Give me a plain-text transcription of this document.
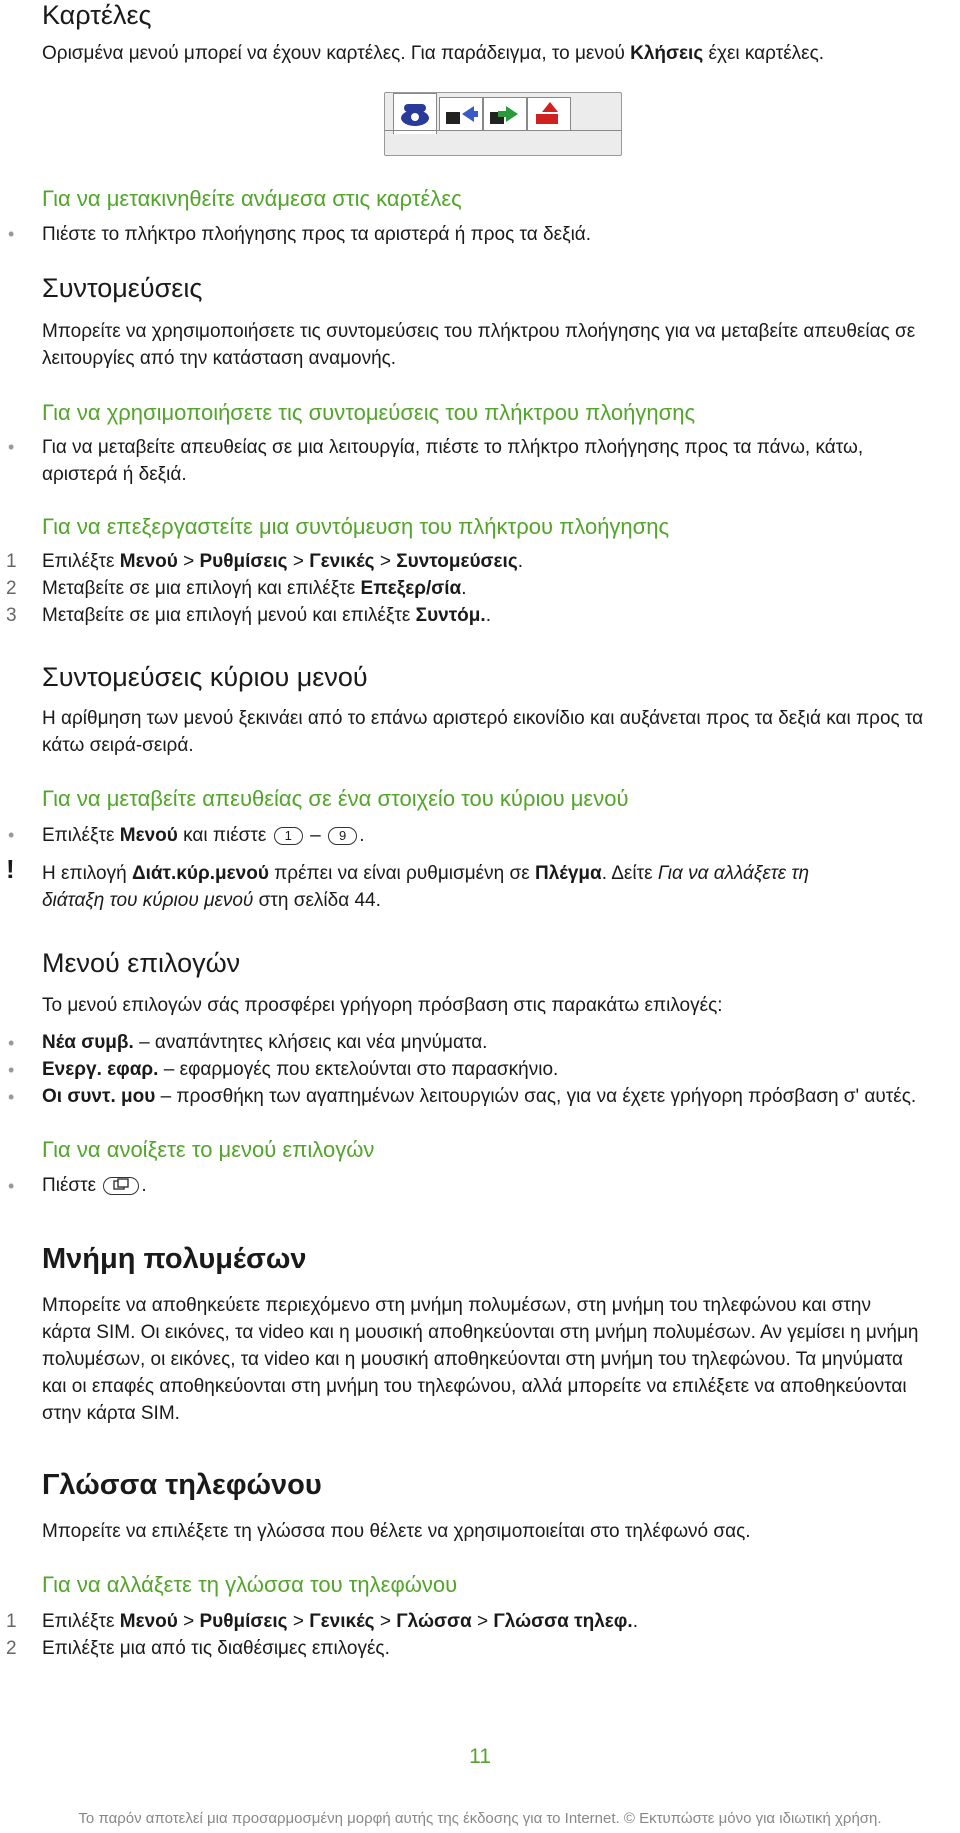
Καρτέλες
Ορισμένα μενού μπορεί να έχουν καρτέλες. Για παράδειγμα, το μενού Κλήσεις έχει καρτέλες.
Για να μετακινηθείτε ανάμεσα στις καρτέλες
• Πιέστε το πλήκτρο πλοήγησης προς τα αριστερά ή προς τα δεξιά.
Συντομεύσεις
Μπορείτε να χρησιμοποιήσετε τις συντομεύσεις του πλήκτρου πλοήγησης για να μεταβείτε απευθείας σε
λειτουργίες από την κατάσταση αναμονής.
Για να χρησιμοποιήσετε τις συντομεύσεις του πλήκτρου πλοήγησης
• Για να μεταβείτε απευθείας σε μια λειτουργία, πιέστε το πλήκτρο πλοήγησης προς τα πάνω, κάτω,
αριστερά ή δεξιά.
Για να επεξεργαστείτε μια συντόμευση του πλήκτρου πλοήγησης
1 Επιλέξτε Μενού > Ρυθμίσεις > Γενικές > Συντομεύσεις.
2 Μεταβείτε σε μια επιλογή και επιλέξτε Επεξερ/σία.
3 Μεταβείτε σε μια επιλογή μενού και επιλέξτε Συντόμ..
Συντομεύσεις κύριου μενού
Η αρίθμηση των μενού ξεκινάει από το επάνω αριστερό εικονίδιο και αυξάνεται προς τα δεξιά και προς τα
κάτω σειρά-σειρά.
Για να μεταβείτε απευθείας σε ένα στοιχείο του κύριου μενού
• Επιλέξτε Μενού και πιέστε 1 – 9 .
! Η επιλογή Διάτ.κύρ.μενού πρέπει να είναι ρυθμισμένη σε Πλέγμα. Δείτε Για να αλλάξετε τη
διάταξη του κύριου μενού στη σελίδα 44.
Μενού επιλογών
Το μενού επιλογών σάς προσφέρει γρήγορη πρόσβαση στις παρακάτω επιλογές:
• Νέα συμβ. – αναπάντητες κλήσεις και νέα μηνύματα.
• Ενεργ. εφαρ. – εφαρμογές που εκτελούνται στο παρασκήνιο.
• Οι συντ. μου – προσθήκη των αγαπημένων λειτουργιών σας, για να έχετε γρήγορη πρόσβαση σ' αυτές.
Για να ανοίξετε το μενού επιλογών
• Πιέστε .
Μνήμη πολυμέσων
Μπορείτε να αποθηκεύετε περιεχόμενο στη μνήμη πολυμέσων, στη μνήμη του τηλεφώνου και στην
κάρτα SIM. Οι εικόνες, τα video και η μουσική αποθηκεύονται στη μνήμη πολυμέσων. Αν γεμίσει η μνήμη
πολυμέσων, οι εικόνες, τα video και η μουσική αποθηκεύονται στη μνήμη του τηλεφώνου. Τα μηνύματα
και οι επαφές αποθηκεύονται στη μνήμη του τηλεφώνου, αλλά μπορείτε να επιλέξετε να αποθηκεύονται
στην κάρτα SIM.
Γλώσσα τηλεφώνου
Μπορείτε να επιλέξετε τη γλώσσα που θέλετε να χρησιμοποιείται στο τηλέφωνό σας.
Για να αλλάξετε τη γλώσσα του τηλεφώνου
1 Επιλέξτε Μενού > Ρυθμίσεις > Γενικές > Γλώσσα > Γλώσσα τηλεφ..
2 Επιλέξτε μια από τις διαθέσιμες επιλογές.
11
Το παρόν αποτελεί μια προσαρμοσμένη μορφή αυτής της έκδοσης για το Internet. © Εκτυπώστε μόνο για ιδιωτική χρήση.
